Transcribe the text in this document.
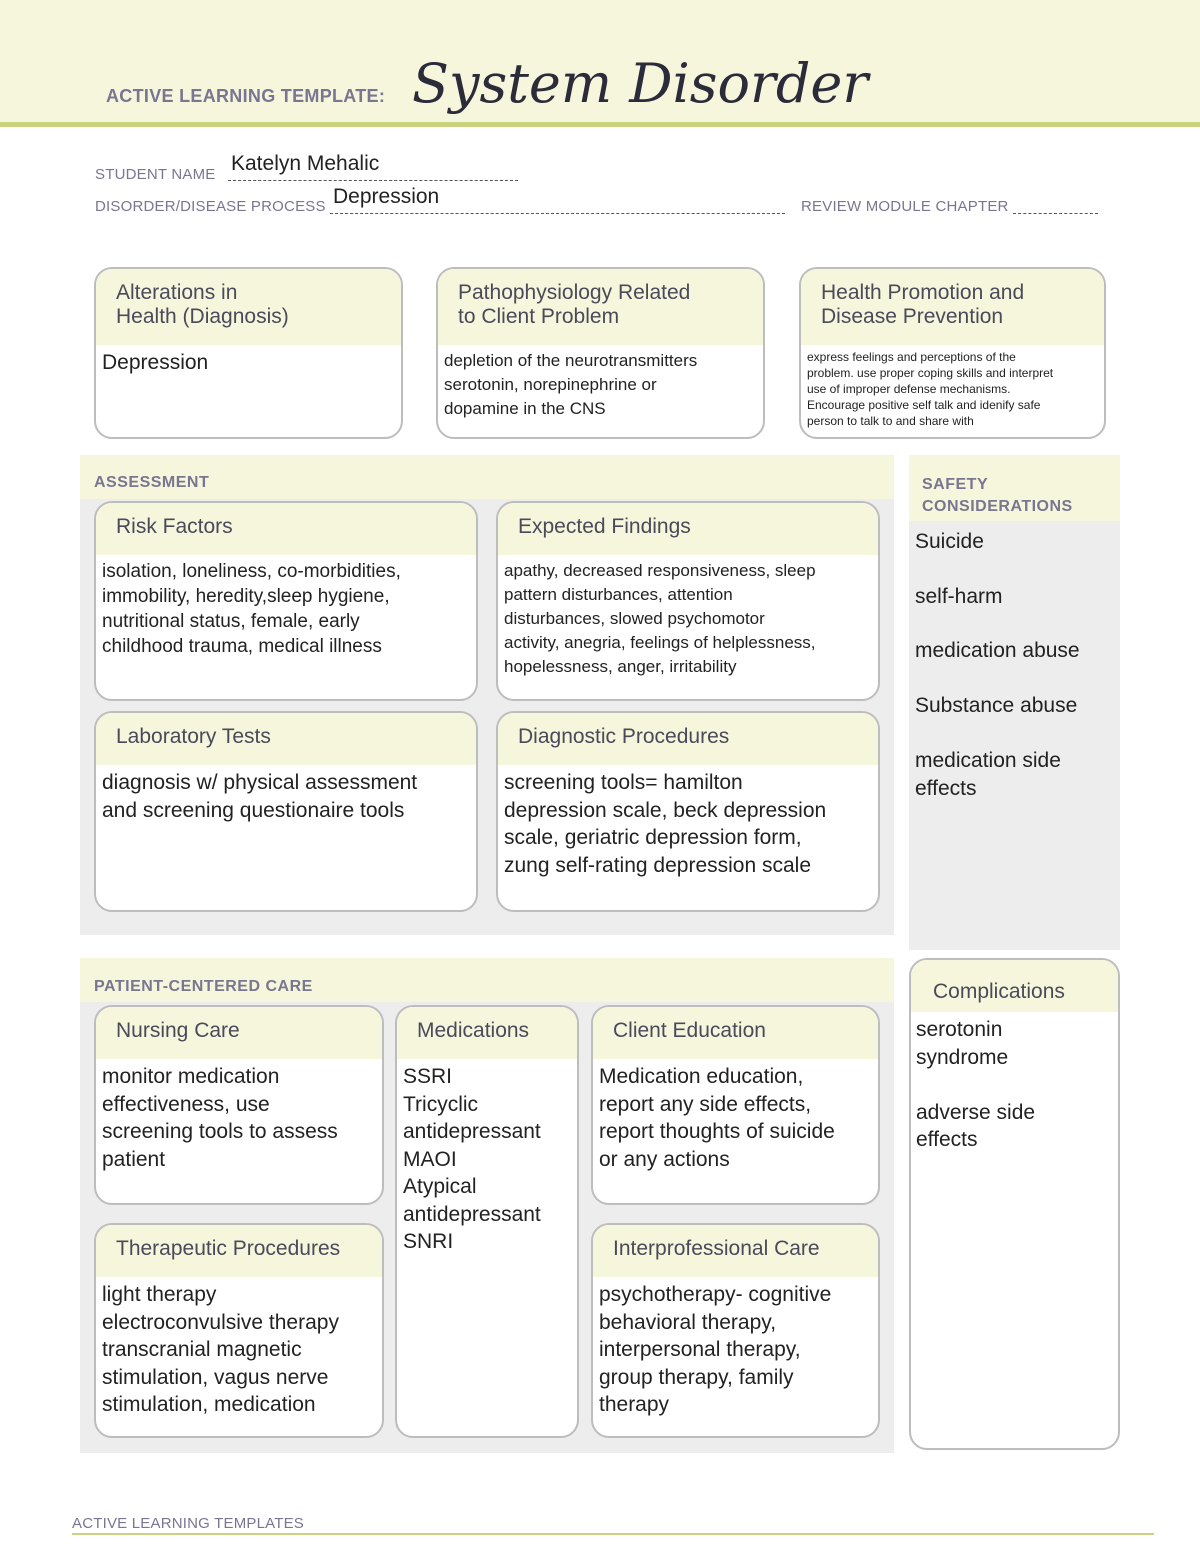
ACTIVE LEARNING TEMPLATE: System Disorder
STUDENT NAME Katelyn Mehalic
DISORDER/DISEASE PROCESS Depression	REVIEW MODULE CHAPTER
Alterations in
Health (Diagnosis)
Depression
Pathophysiology Related
to Client Problem
depletion of the neurotransmitters
serotonin, norepinephrine or
dopamine in the CNS
Health Promotion and
Disease Prevention
express feelings and perceptions of the
problem. use proper coping skills and interpret
use of improper defense mechanisms.
Encourage positive self talk and idenify safe
person to talk to and share with
ASSESSMENT
Risk Factors
isolation, loneliness, co-morbidities,
immobility, heredity,sleep hygiene,
nutritional status, female, early
childhood trauma, medical illness
Expected Findings
apathy, decreased responsiveness, sleep
pattern disturbances, attention
disturbances, slowed psychomotor
activity, anegria, feelings of helplessness,
hopelessness, anger, irritability
Laboratory Tests
diagnosis w/ physical assessment
and screening questionaire tools
Diagnostic Procedures
screening tools= hamilton
depression scale, beck depression
scale, geriatric depression form,
zung self-rating depression scale
SAFETY
CONSIDERATIONS
Suicide
self-harm
medication abuse
Substance abuse
medication side
effects
PATIENT-CENTERED CARE
Nursing Care
monitor medication
effectiveness, use
screening tools to assess
patient
Medications
SSRI
Tricyclic
antidepressant
MAOI
Atypical
antidepressant
SNRI
Client Education
Medication education,
report any side effects,
report thoughts of suicide
or any actions
Therapeutic Procedures
light therapy
electroconvulsive therapy
transcranial magnetic
stimulation, vagus nerve
stimulation, medication
Interprofessional Care
psychotherapy- cognitive
behavioral therapy,
interpersonal therapy,
group therapy, family
therapy
Complications
serotonin
syndrome

adverse side
effects
ACTIVE LEARNING TEMPLATES
